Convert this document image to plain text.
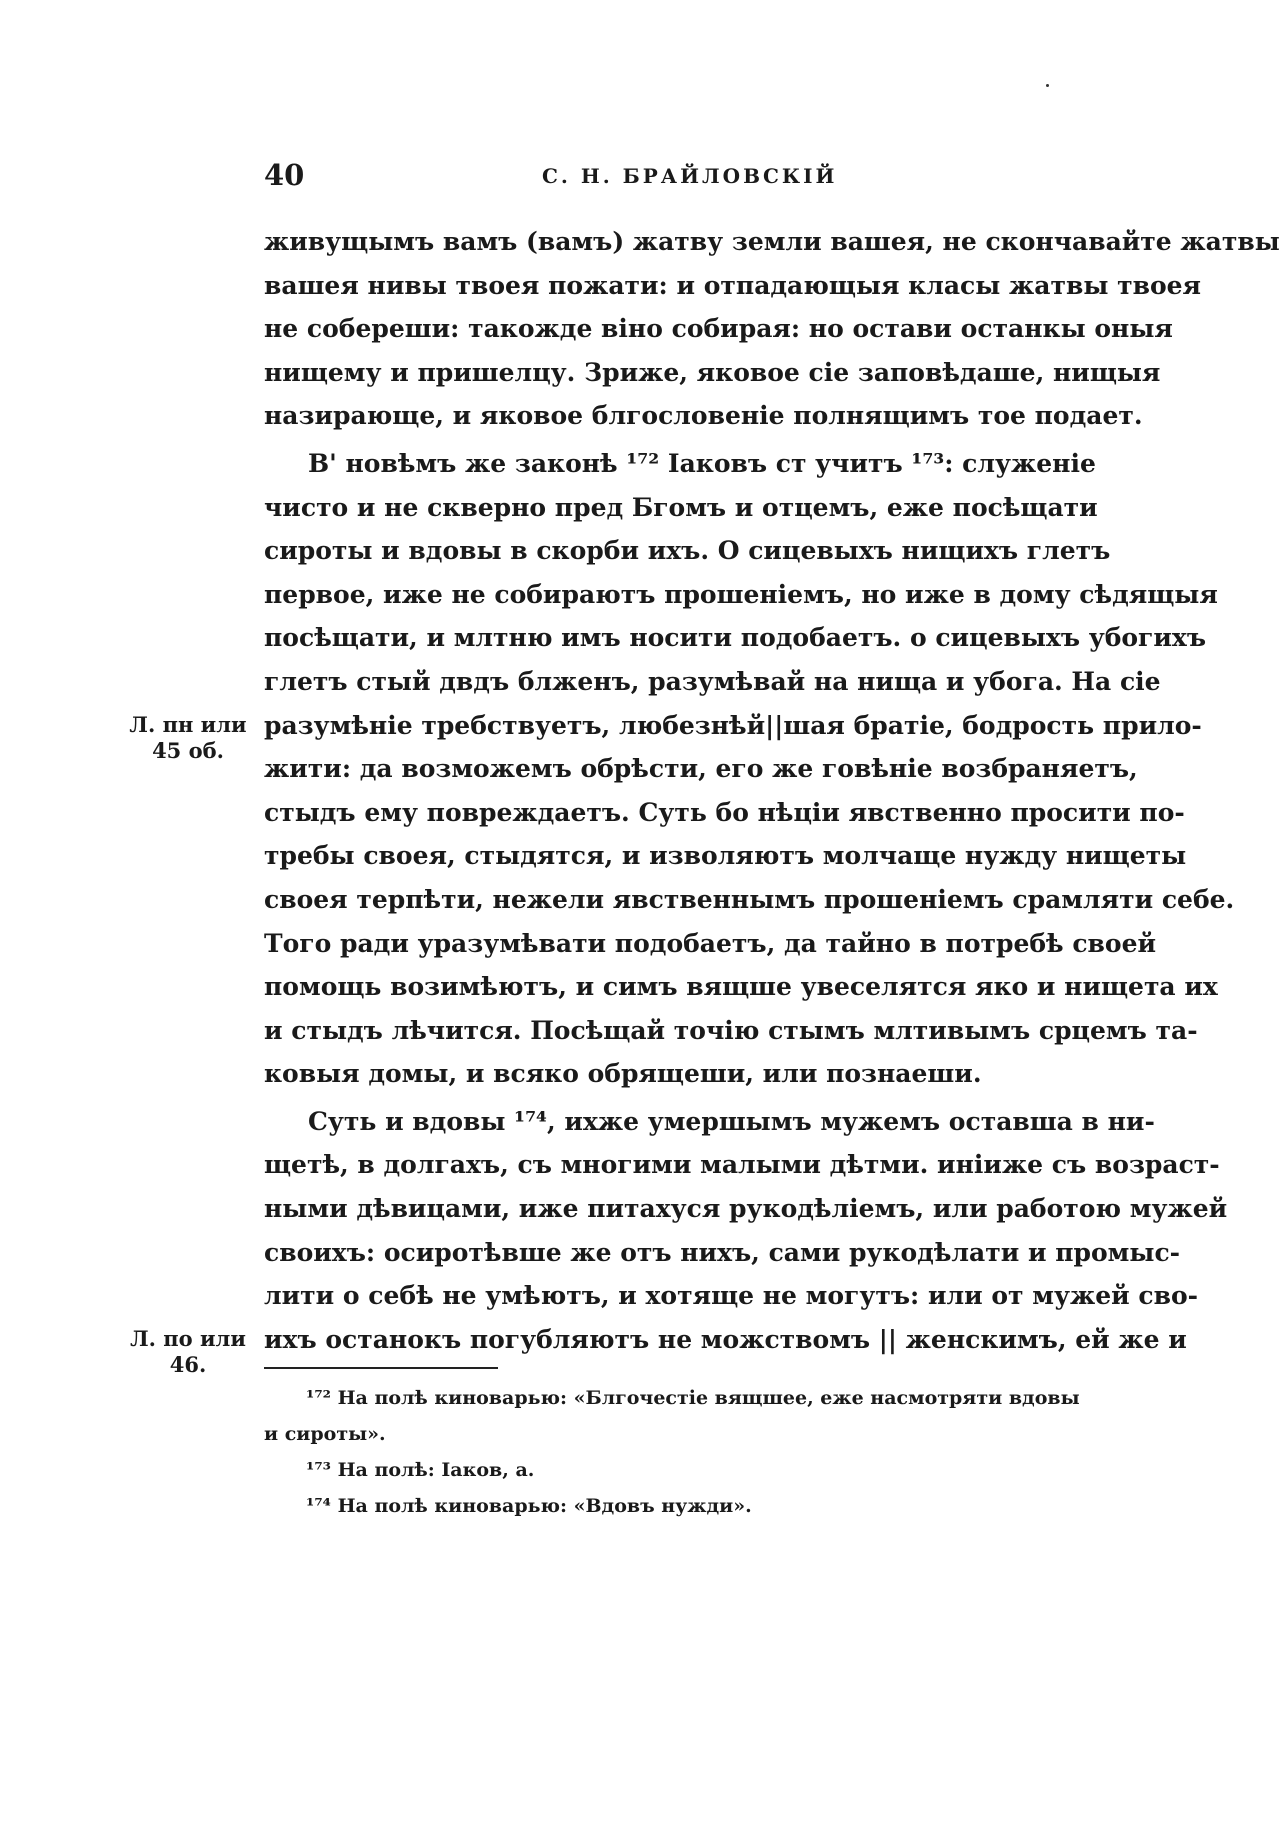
40	С. Н. БРАЙЛОВСКІЙ
живущымъ вамъ (вамъ) жатву земли вашея, не скончавайте жатвы
вашея нивы твоея пожати: и отпадающыя класы жатвы твоея
не собереши: такожде віно собирая: но остави останкы оныя
нищему и пришелцу. Зриже, яковое сіе заповѣдаше, нищыя
назирающе, и яковое блгословеніе полнящимъ тое подает.
В' новѣмъ же законѣ ¹⁷² Іаковъ ст учитъ ¹⁷³: служеніе
чисто и не скверно пред Бгомъ и отцемъ, еже посѣщати
сироты и вдовы в скорби ихъ. О сицевыхъ нищихъ глетъ
первое, иже не собираютъ прошеніемъ, но иже в дому сѣдящыя
посѣщати, и млтню имъ носити подобаетъ. о сицевыхъ убогихъ
глетъ стый двдъ блженъ, разумѣвай на нища и убога. На сіе
разумѣніе требствуетъ, любезнѣй||шая братіе, бодрость прило-
жити: да возможемъ обрѣсти, его же говѣніе возбраняетъ,
стыдъ ему повреждаетъ. Суть бо нѣцiи явственно просити по-
требы своея, стыдятся, и изволяютъ молчаще нужду нищеты
своея терпѣти, нежели явственнымъ прошеніемъ срамляти себе.
Того ради уразумѣвати подобаетъ, да тайно в потребѣ своей
помощь возимѣютъ, и симъ вящше увеселятся яко и нищета их
и стыдъ лѣчится. Посѣщай точію стымъ млтивымъ срцемъ та-
ковыя домы, и всяко обрящеши, или познаеши.
Суть и вдовы ¹⁷⁴, ихже умершымъ мужемъ оставша в ни-
щетѣ, в долгахъ, съ многими малыми дѣтми. иніиже съ возраст-
ными дѣвицами, иже питахуся рукодѣліемъ, или работою мужей
своихъ: осиротѣвше же отъ нихъ, сами рукодѣлати и промыс-
лити о себѣ не умѣютъ, и хотяще не могутъ: или от мужей сво-
ихъ останокъ погубляютъ не можствомъ || женскимъ, ей же и
Л. пн или
45 об.
Л. по или
46.
¹⁷² На полѣ киноварью: «Блгочестіе вящшее, еже насмотряти вдовы
и сироты».
¹⁷³ На полѣ: Іаков, а.
¹⁷⁴ На полѣ киноварью: «Вдовъ нужди».
